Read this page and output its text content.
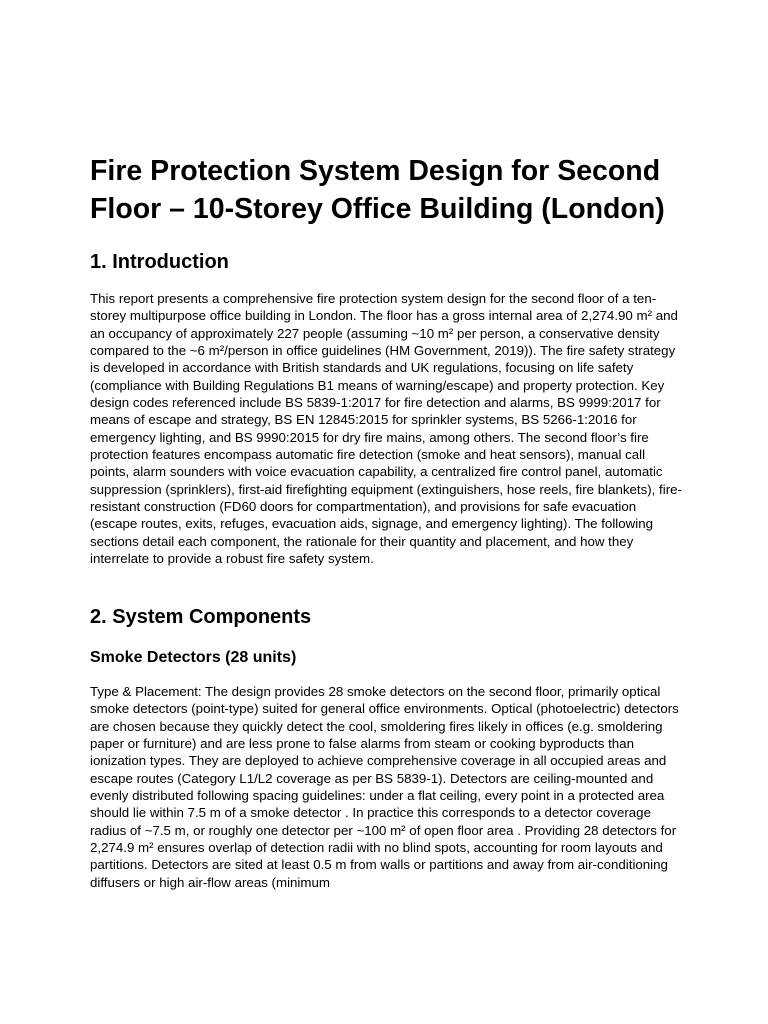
Fire Protection System Design for Second Floor – 10-Storey Office Building (London)
1. Introduction

This report presents a comprehensive fire protection system design for the second floor of a ten-storey multipurpose office building in London. The floor has a gross internal area of 2,274.90 m² and an occupancy of approximately 227 people (assuming ~10 m² per person, a conservative density compared to the ~6 m²/person in office guidelines (HM Government, 2019)). The fire safety strategy is developed in accordance with British standards and UK regulations, focusing on life safety (compliance with Building Regulations B1 means of warning/escape) and property protection. Key design codes referenced include BS 5839-1:2017 for fire detection and alarms, BS 9999:2017 for means of escape and strategy, BS EN 12845:2015 for sprinkler systems, BS 5266-1:2016 for emergency lighting, and BS 9990:2015 for dry fire mains, among others. The second floor’s fire protection features encompass automatic fire detection (smoke and heat sensors), manual call points, alarm sounders with voice evacuation capability, a centralized fire control panel, automatic suppression (sprinklers), first-aid firefighting equipment (extinguishers, hose reels, fire blankets), fire-resistant construction (FD60 doors for compartmentation), and provisions for safe evacuation (escape routes, exits, refuges, evacuation aids, signage, and emergency lighting). The following sections detail each component, the rationale for their quantity and placement, and how they interrelate to provide a robust fire safety system.

2. System Components
Smoke Detectors (28 units)

Type & Placement: The design provides 28 smoke detectors on the second floor, primarily optical smoke detectors (point-type) suited for general office environments. Optical (photoelectric) detectors are chosen because they quickly detect the cool, smoldering fires likely in offices (e.g. smoldering paper or furniture) and are less prone to false alarms from steam or cooking byproducts than ionization types. They are deployed to achieve comprehensive coverage in all occupied areas and escape routes (Category L1/L2 coverage as per BS 5839-1). Detectors are ceiling-mounted and evenly distributed following spacing guidelines: under a flat ceiling, every point in a protected area should lie within 7.5 m of a smoke detector . In practice this corresponds to a detector coverage radius of ~7.5 m, or roughly one detector per ~100 m² of open floor area . Providing 28 detectors for 2,274.9 m² ensures overlap of detection radii with no blind spots, accounting for room layouts and partitions. Detectors are sited at least 0.5 m from walls or partitions and away from air-conditioning diffusers or high air-flow areas (minimum
